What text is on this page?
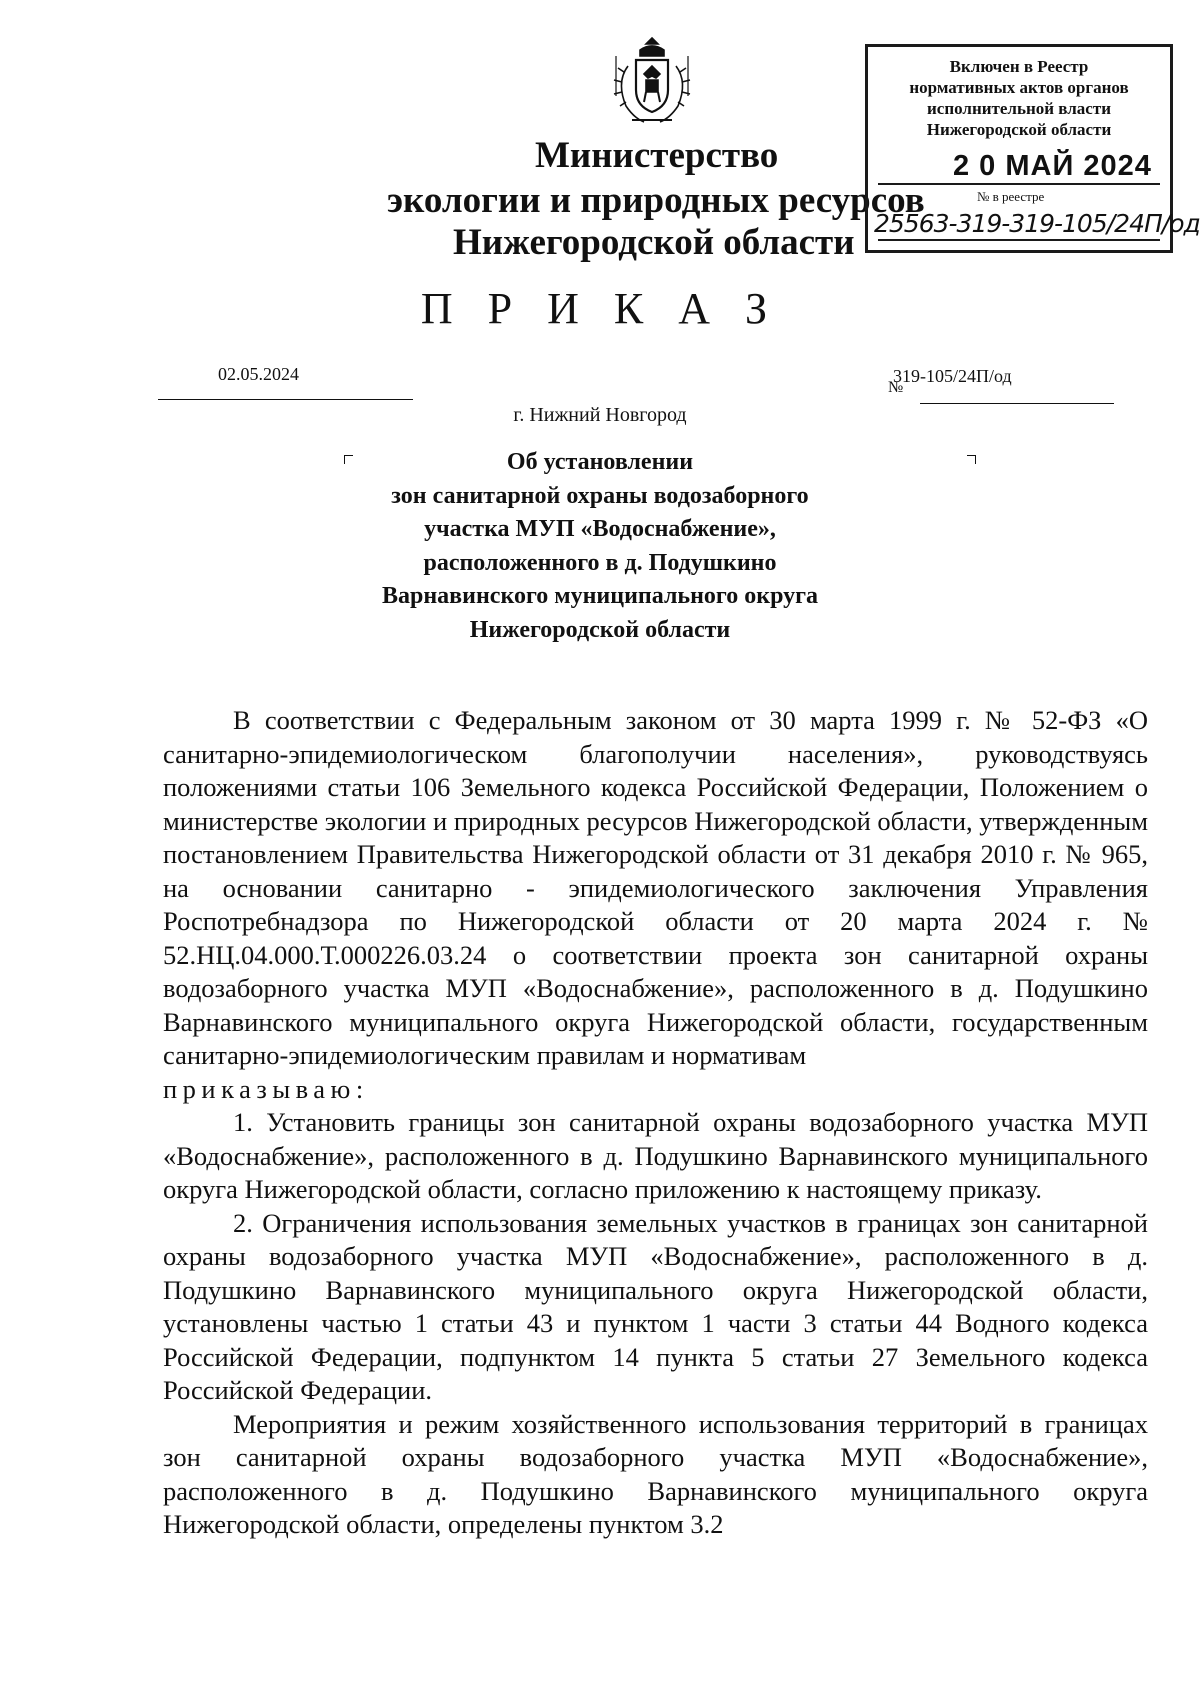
Министерство
экологии и природных ресурсов
Нижегородской области
Включен в Реестр
нормативных актов органов
исполнительной власти
Нижегородской области
2 0 МАЙ 2024
№ в реестре
25563-319-319-105/24П/од
П Р И К А З
02.05.2024
№
319-105/24П/од
г. Нижний Новгород
Об установлении
зон санитарной охраны водозаборного
участка МУП «Водоснабжение»,
расположенного в д. Подушкино
Варнавинского муниципального округа
Нижегородской области

В соответствии с Федеральным законом от 30 марта 1999 г. № 52-ФЗ «О санитарно-эпидемиологическом благополучии населения», руководствуясь положениями статьи 106 Земельного кодекса Российской Федерации, Положением о министерстве экологии и природных ресурсов Нижегородской области, утвержденным постановлением Правительства Нижегородской области от 31 декабря 2010 г. № 965, на основании санитарно - эпидемиологического заключения Управления Роспотребнадзора по Нижегородской области от 20 марта 2024 г. № 52.НЦ.04.000.Т.000226.03.24 о соответствии проекта зон санитарной охраны водозаборного участка МУП «Водоснабжение», расположенного в д. Подушкино Варнавинского муниципального округа Нижегородской области, государственным санитарно-эпидемиологическим правилам и нормативам

приказываю:

1. Установить границы зон санитарной охраны водозаборного участка МУП «Водоснабжение», расположенного в д. Подушкино Варнавинского муниципального округа Нижегородской области, согласно приложению к настоящему приказу.

2. Ограничения использования земельных участков в границах зон санитарной охраны водозаборного участка МУП «Водоснабжение», расположенного в д. Подушкино Варнавинского муниципального округа Нижегородской области, установлены частью 1 статьи 43 и пунктом 1 части 3 статьи 44 Водного кодекса Российской Федерации, подпунктом 14 пункта 5 статьи 27 Земельного кодекса Российской Федерации.

Мероприятия и режим хозяйственного использования территорий в границах зон санитарной охраны водозаборного участка МУП «Водоснабжение», расположенного в д. Подушкино Варнавинского муниципального округа Нижегородской области, определены пунктом 3.2
